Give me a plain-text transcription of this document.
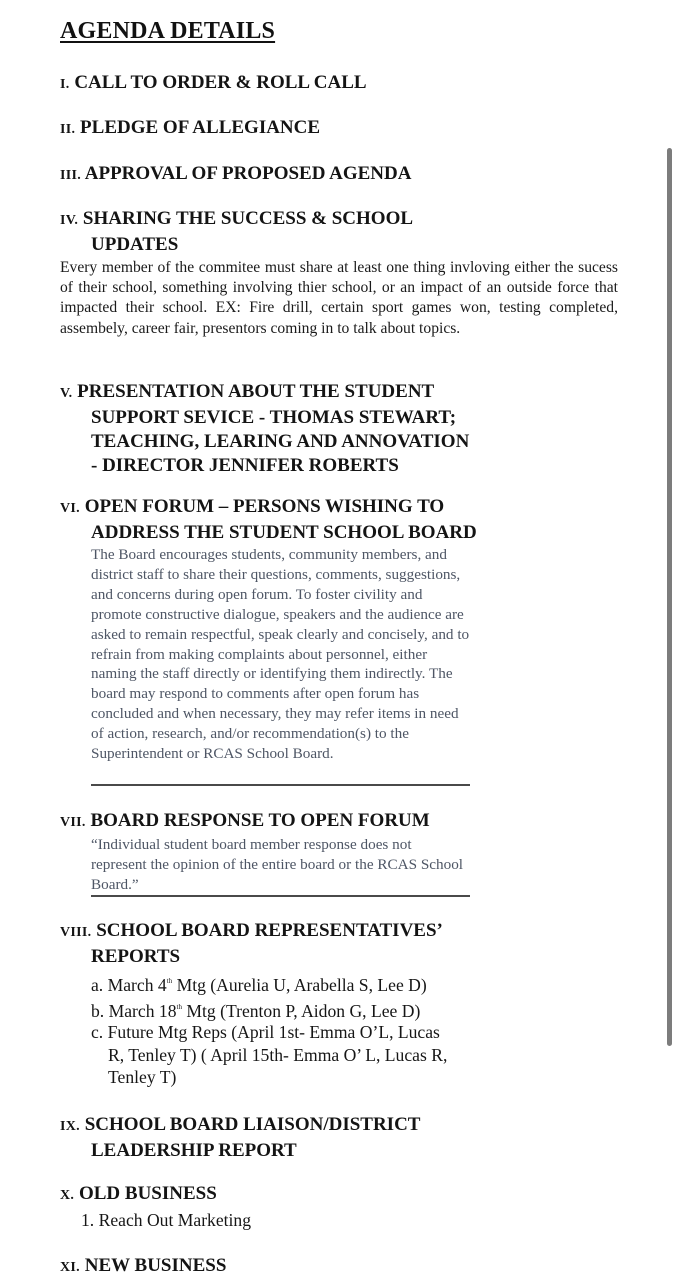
AGENDA DETAILS
I. CALL TO ORDER & ROLL CALL
II. PLEDGE OF ALLEGIANCE
III. APPROVAL OF PROPOSED AGENDA
IV. SHARING THE SUCCESS & SCHOOL
UPDATES
Every member of the commitee must share at least one thing invloving either the sucess of their school, something involving thier school, or an impact of an outside force that impacted their school. EX: Fire drill, certain sport games won, testing completed, assembely, career fair, presentors coming in to talk about topics.
V. PRESENTATION ABOUT THE STUDENT
SUPPORT SEVICE - THOMAS STEWART;
TEACHING, LEARING AND ANNOVATION
- DIRECTOR JENNIFER ROBERTS
VI. OPEN FORUM – PERSONS WISHING TO
ADDRESS THE STUDENT SCHOOL BOARD
The Board encourages students, community members, and district staff to share their questions, comments, suggestions, and concerns during open forum. To foster civility and promote constructive dialogue, speakers and the audience are asked to remain respectful, speak clearly and concisely, and to refrain from making complaints about personnel, either naming the staff directly or identifying them indirectly. The board may respond to comments after open forum has concluded and when necessary, they may refer items in need of action, research, and/or recommendation(s) to the Superintendent or RCAS School Board.
VII. BOARD RESPONSE TO OPEN FORUM
“Individual student board member response does not represent the opinion of the entire board or the RCAS School Board.”
VIII. SCHOOL BOARD REPRESENTATIVES’
REPORTS
a. March 4th Mtg (Aurelia U, Arabella S, Lee D)
b. March 18th Mtg (Trenton P, Aidon G, Lee D)
c. Future Mtg Reps (April 1st- Emma O’L, Lucas
R, Tenley T) ( April 15th- Emma O’ L, Lucas R,
Tenley T)
IX. SCHOOL BOARD LIAISON/DISTRICT
LEADERSHIP REPORT
X. OLD BUSINESS
1. Reach Out Marketing
XI. NEW BUSINESS
